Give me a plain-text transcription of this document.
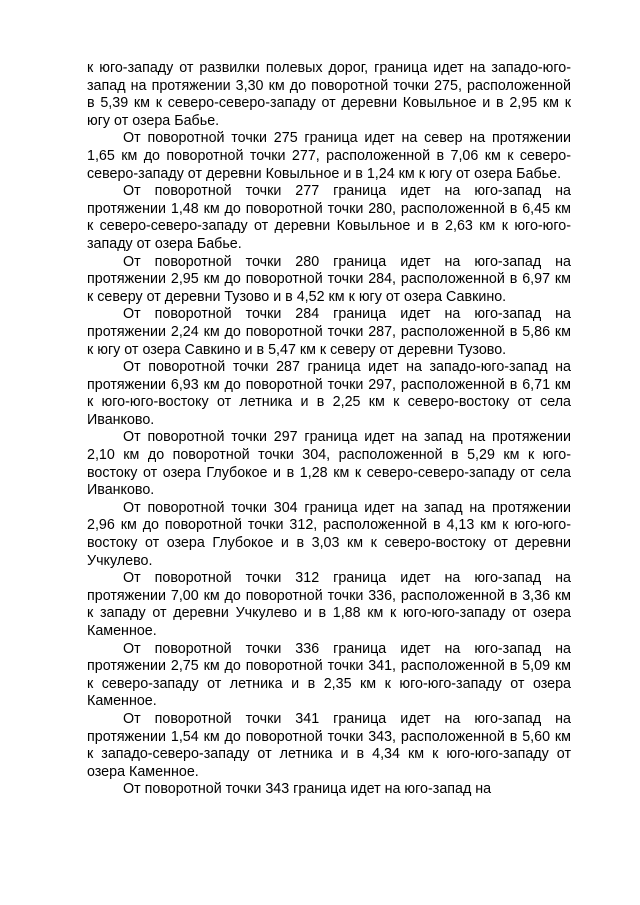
к юго-западу от развилки полевых дорог, граница идет на западо-юго-запад на протяжении 3,30 км до поворотной точки 275, расположенной в 5,39 км к северо-северо-западу от деревни Ковыльное и в 2,95 км к югу от озера Бабье.

От поворотной точки 275 граница идет на север на протяжении 1,65 км до поворотной точки 277, расположенной в 7,06 км к северо-северо-западу от деревни Ковыльное и в 1,24 км к югу от озера Бабье.

От поворотной точки 277 граница идет на юго-запад на протяжении 1,48 км до поворотной точки 280, расположенной в 6,45 км к северо-северо-западу от деревни Ковыльное и в 2,63 км к юго-юго-западу от озера Бабье.

От поворотной точки 280 граница идет на юго-запад на протяжении 2,95 км до поворотной точки 284, расположенной в 6,97 км к северу от деревни Тузово и в 4,52 км к югу от озера Савкино.

От поворотной точки 284 граница идет на юго-запад на протяжении 2,24 км до поворотной точки 287, расположенной в 5,86 км к югу от озера Савкино и в 5,47 км к северу от деревни Тузово.

От поворотной точки 287 граница идет на западо-юго-запад на протяжении 6,93 км до поворотной точки 297, расположенной в 6,71 км к юго-юго-востоку от летника и в 2,25 км к северо-востоку от села Иванково.

От поворотной точки 297 граница идет на запад на протяжении 2,10 км до поворотной точки 304, расположенной в 5,29 км к юго-востоку от озера Глубокое и в 1,28 км к северо-северо-западу от села Иванково.

От поворотной точки 304 граница идет на запад на протяжении 2,96 км до поворотной точки 312, расположенной в 4,13 км к юго-юго-востоку от озера Глубокое и в 3,03 км к северо-востоку от деревни Учкулево.

От поворотной точки 312 граница идет на юго-запад на протяжении 7,00 км до поворотной точки 336, расположенной в 3,36 км к западу от деревни Учкулево и в 1,88 км к юго-юго-западу от озера Каменное.

От поворотной точки 336 граница идет на юго-запад на протяжении 2,75 км до поворотной точки 341, расположенной в 5,09 км к северо-западу от летника и в 2,35 км к юго-юго-западу от озера Каменное.

От поворотной точки 341 граница идет на юго-запад на протяжении 1,54 км до поворотной точки 343, расположенной в 5,60 км к западо-северо-западу от летника и в 4,34 км к юго-юго-западу от озера Каменное.

От поворотной точки 343 граница идет на юго-запад на
